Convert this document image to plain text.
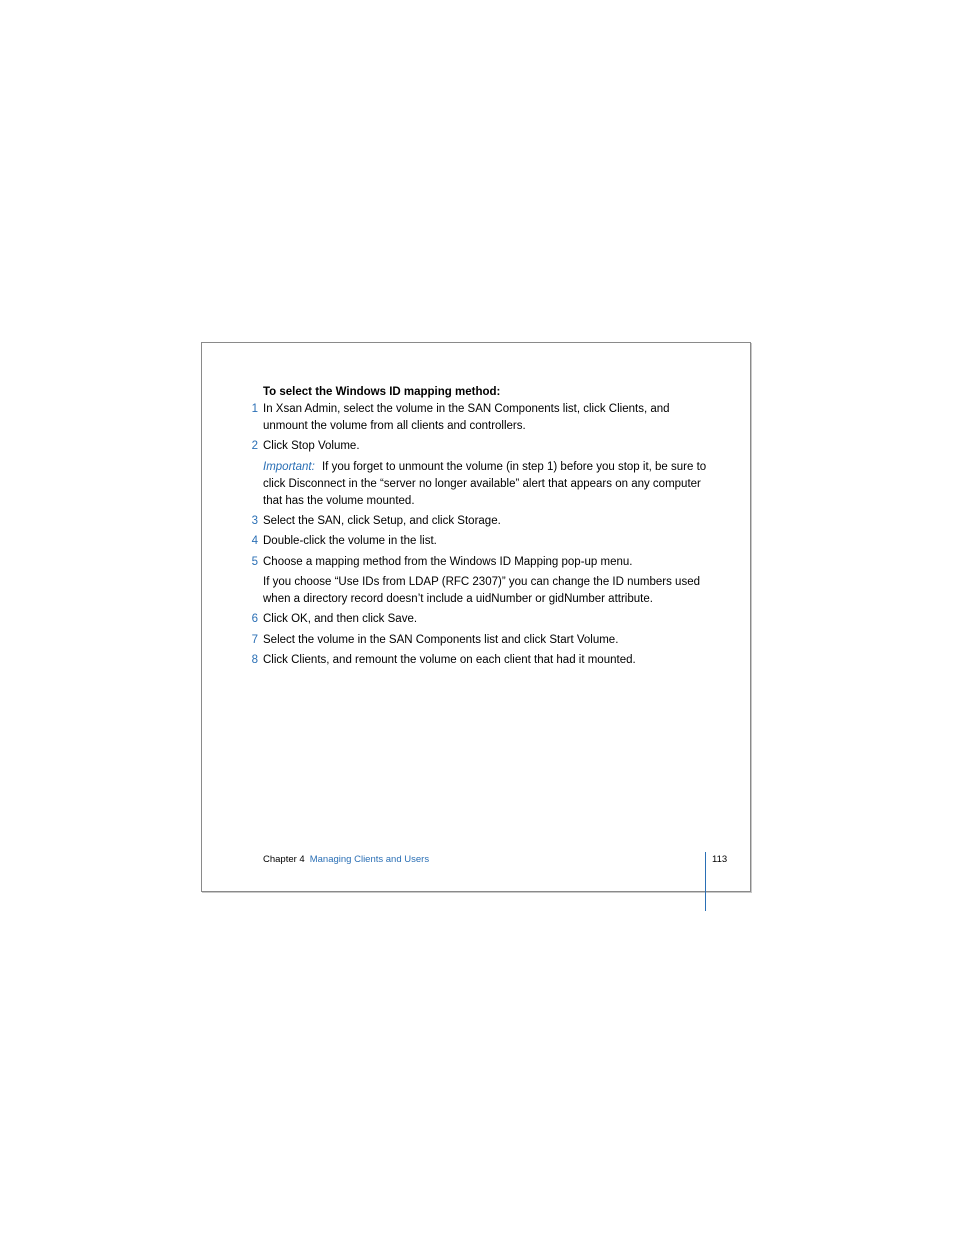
To select the Windows ID mapping method:
1 In Xsan Admin, select the volume in the SAN Components list, click Clients, and unmount the volume from all clients and controllers.
2 Click Stop Volume.
Important: If you forget to unmount the volume (in step 1) before you stop it, be sure to click Disconnect in the “server no longer available” alert that appears on any computer that has the volume mounted.
3 Select the SAN, click Setup, and click Storage.
4 Double-click the volume in the list.
5 Choose a mapping method from the Windows ID Mapping pop-up menu.
If you choose “Use IDs from LDAP (RFC 2307)” you can change the ID numbers used when a directory record doesn’t include a uidNumber or gidNumber attribute.
6 Click OK, and then click Save.
7 Select the volume in the SAN Components list and click Start Volume.
8 Click Clients, and remount the volume on each client that had it mounted.
Chapter 4 Managing Clients and Users	113
